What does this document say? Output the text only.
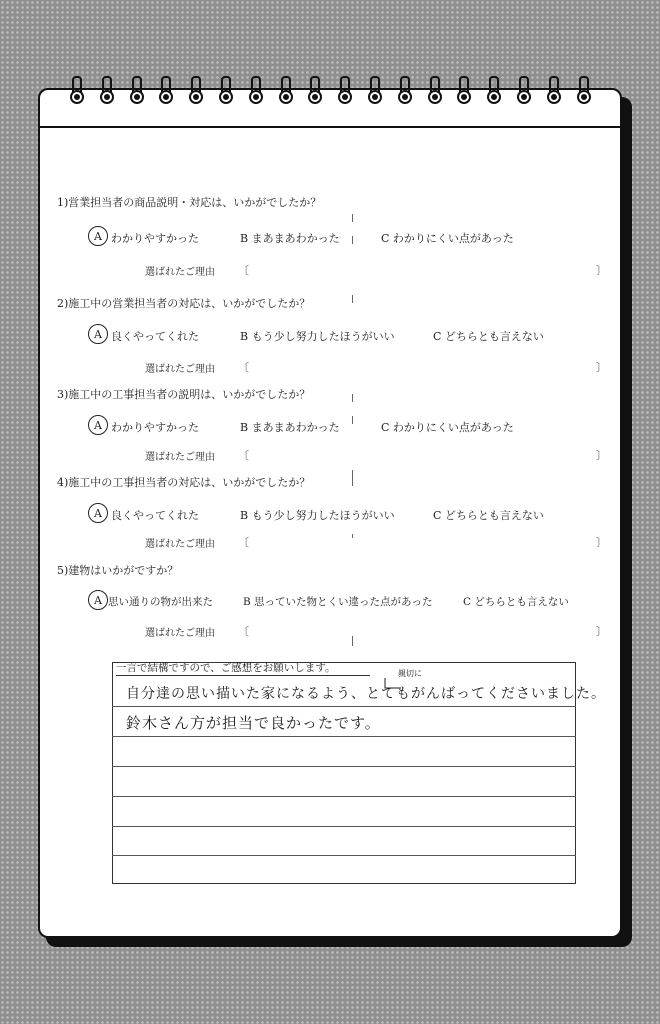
1)営業担当者の商品説明・対応は、いかがでしたか？
A わかりやすかった	B まあまあわかった	C わかりにくい点があった
選ばれたご理由 〔	〕
2)施工中の営業担当者の対応は、いかがでしたか？
A 良くやってくれた	B もう少し努力したほうがいい	C どちらとも言えない
選ばれたご理由 〔	〕
3)施工中の工事担当者の説明は、いかがでしたか？
A わかりやすかった	B まあまあわかった	C わかりにくい点があった
選ばれたご理由 〔	〕
4)施工中の工事担当者の対応は、いかがでしたか？
A 良くやってくれた	B もう少し努力したほうがいい	C どちらとも言えない
選ばれたご理由 〔	〕
5)建物はいかがですか？
A 思い通りの物が出来た	B 思っていた物とくい違った点があった	C どちらとも言えない
選ばれたご理由 〔	〕
一言で結構ですので、ご感想をお願いします。	親切に
自分達の思い描いた家になるよう、とてもがんばってくださいました。
鈴木さん方が担当で良かったです。
